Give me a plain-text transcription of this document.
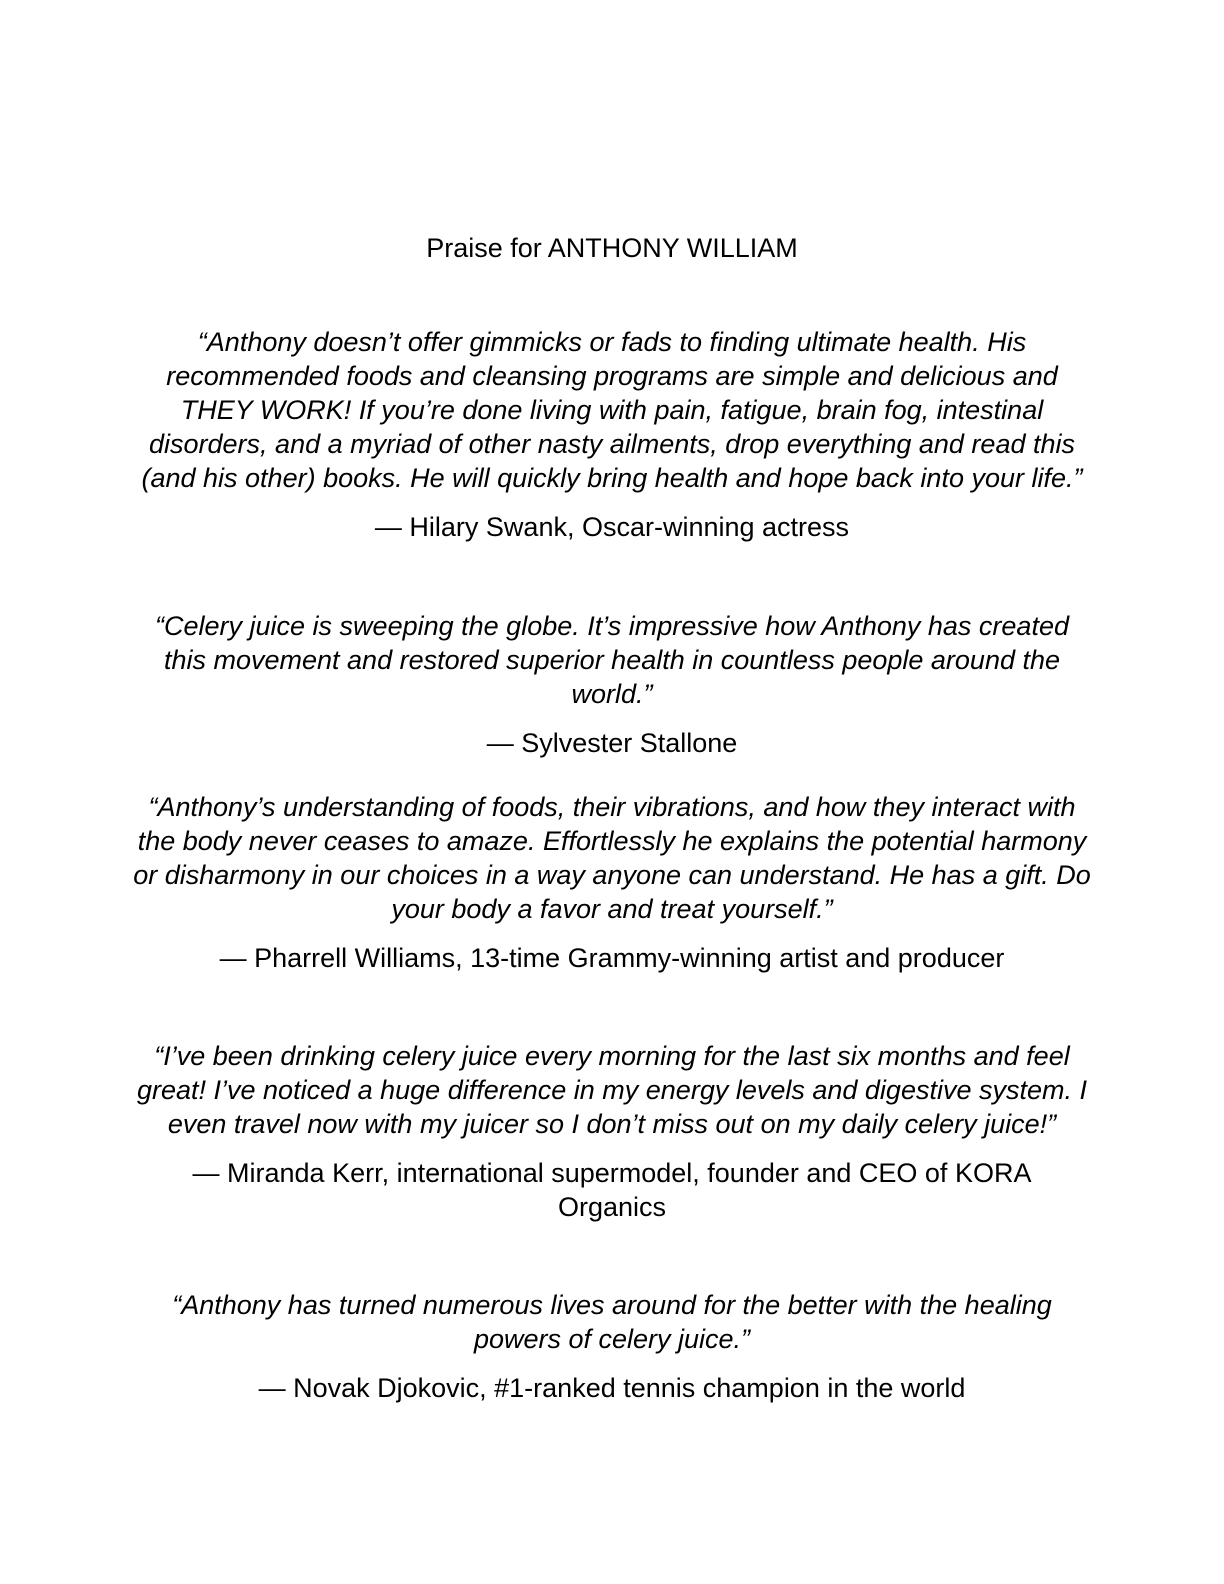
Praise for ANTHONY WILLIAM

“Anthony doesn’t offer gimmicks or fads to finding ultimate health. His recommended foods and cleansing programs are simple and delicious and THEY WORK! If you’re done living with pain, fatigue, brain fog, intestinal disorders, and a myriad of other nasty ailments, drop everything and read this (and his other) books. He will quickly bring health and hope back into your life.”

— Hilary Swank, Oscar-winning actress

“Celery juice is sweeping the globe. It’s impressive how Anthony has created this movement and restored superior health in countless people around the world.”

— Sylvester Stallone

“Anthony’s understanding of foods, their vibrations, and how they interact with the body never ceases to amaze. Effortlessly he explains the potential harmony or disharmony in our choices in a way anyone can understand. He has a gift. Do your body a favor and treat yourself.”

— Pharrell Williams, 13-time Grammy-winning artist and producer

“I’ve been drinking celery juice every morning for the last six months and feel great! I’ve noticed a huge difference in my energy levels and digestive system. I even travel now with my juicer so I don’t miss out on my daily celery juice!”

— Miranda Kerr, international supermodel, founder and CEO of KORA Organics

“Anthony has turned numerous lives around for the better with the healing powers of celery juice.”

— Novak Djokovic, #1-ranked tennis champion in the world
